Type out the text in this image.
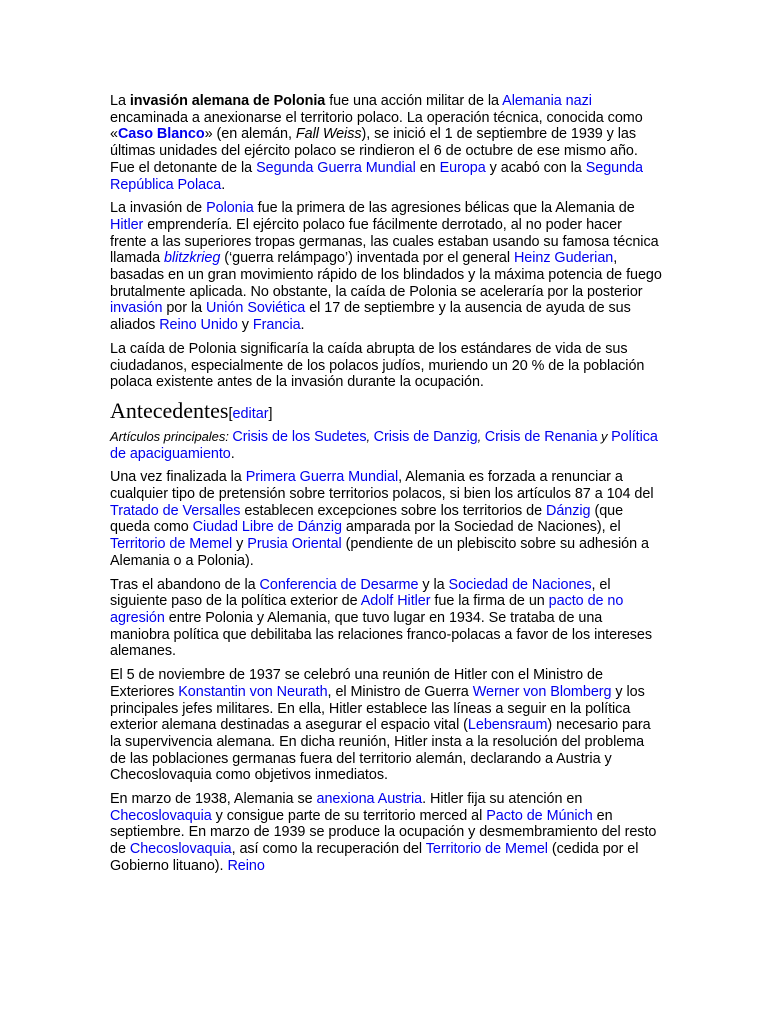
La invasión alemana de Polonia fue una acción militar de la Alemania nazi encaminada a anexionarse el territorio polaco. La operación técnica, conocida como «Caso Blanco» (en alemán, Fall Weiss), se inició el 1 de septiembre de 1939 y las últimas unidades del ejército polaco se rindieron el 6 de octubre de ese mismo año. Fue el detonante de la Segunda Guerra Mundial en Europa y acabó con la Segunda República Polaca.

La invasión de Polonia fue la primera de las agresiones bélicas que la Alemania de Hitler emprendería. El ejército polaco fue fácilmente derrotado, al no poder hacer frente a las superiores tropas germanas, las cuales estaban usando su famosa técnica llamada blitzkrieg (‘guerra relámpago’) inventada por el general Heinz Guderian, basadas en un gran movimiento rápido de los blindados y la máxima potencia de fuego brutalmente aplicada. No obstante, la caída de Polonia se aceleraría por la posterior invasión por la Unión Soviética el 17 de septiembre y la ausencia de ayuda de sus aliados Reino Unido y Francia.

La caída de Polonia significaría la caída abrupta de los estándares de vida de sus ciudadanos, especialmente de los polacos judíos, muriendo un 20 % de la población polaca existente antes de la invasión durante la ocupación.

Antecedentes[editar]

Artículos principales: Crisis de los Sudetes, Crisis de Danzig, Crisis de Renania y Política de apaciguamiento.

Una vez finalizada la Primera Guerra Mundial, Alemania es forzada a renunciar a cualquier tipo de pretensión sobre territorios polacos, si bien los artículos 87 a 104 del Tratado de Versalles establecen excepciones sobre los territorios de Dánzig (que queda como Ciudad Libre de Dánzig amparada por la Sociedad de Naciones), el Territorio de Memel y Prusia Oriental (pendiente de un plebiscito sobre su adhesión a Alemania o a Polonia).

Tras el abandono de la Conferencia de Desarme y la Sociedad de Naciones, el siguiente paso de la política exterior de Adolf Hitler fue la firma de un pacto de no agresión entre Polonia y Alemania, que tuvo lugar en 1934. Se trataba de una maniobra política que debilitaba las relaciones franco-polacas a favor de los intereses alemanes.

El 5 de noviembre de 1937 se celebró una reunión de Hitler con el Ministro de Exteriores Konstantin von Neurath, el Ministro de Guerra Werner von Blomberg y los principales jefes militares. En ella, Hitler establece las líneas a seguir en la política exterior alemana destinadas a asegurar el espacio vital (Lebensraum) necesario para la supervivencia alemana. En dicha reunión, Hitler insta a la resolución del problema de las poblaciones germanas fuera del territorio alemán, declarando a Austria y Checoslovaquia como objetivos inmediatos.

En marzo de 1938, Alemania se anexiona Austria. Hitler fija su atención en Checoslovaquia y consigue parte de su territorio merced al Pacto de Múnich en septiembre. En marzo de 1939 se produce la ocupación y desmembramiento del resto de Checoslovaquia, así como la recuperación del Territorio de Memel (cedida por el Gobierno lituano). Reino
